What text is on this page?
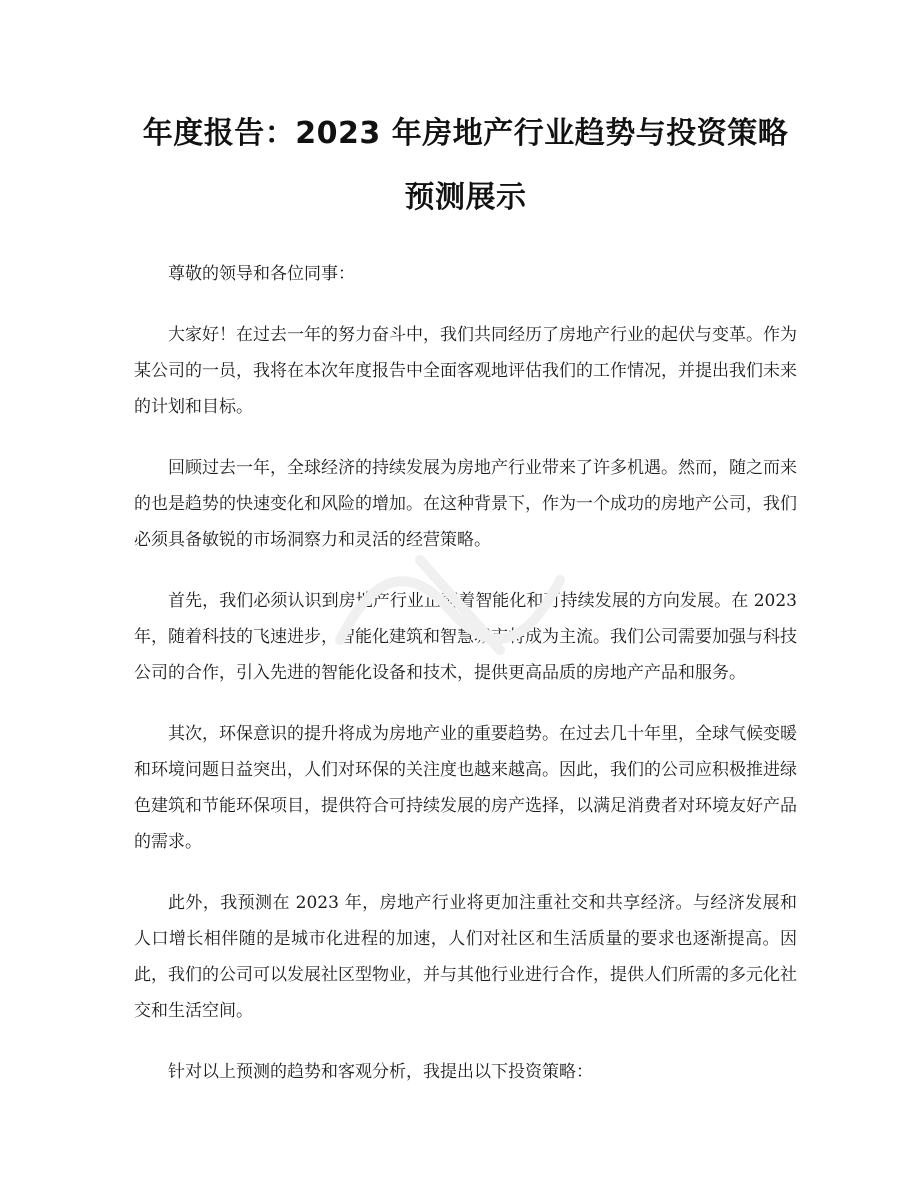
年度报告：2023 年房地产行业趋势与投资策略预测展示

尊敬的领导和各位同事：

大家好！在过去一年的努力奋斗中，我们共同经历了房地产行业的起伏与变革。作为某公司的一员，我将在本次年度报告中全面客观地评估我们的工作情况，并提出我们未来的计划和目标。

回顾过去一年，全球经济的持续发展为房地产行业带来了许多机遇。然而，随之而来的也是趋势的快速变化和风险的增加。在这种背景下，作为一个成功的房地产公司，我们必须具备敏锐的市场洞察力和灵活的经营策略。

首先，我们必须认识到房地产行业正朝着智能化和可持续发展的方向发展。在 2023 年，随着科技的飞速进步，智能化建筑和智慧城市将成为主流。我们公司需要加强与科技公司的合作，引入先进的智能化设备和技术，提供更高品质的房地产产品和服务。

其次，环保意识的提升将成为房地产业的重要趋势。在过去几十年里，全球气候变暖和环境问题日益突出，人们对环保的关注度也越来越高。因此，我们的公司应积极推进绿色建筑和节能环保项目，提供符合可持续发展的房产选择，以满足消费者对环境友好产品的需求。

此外，我预测在 2023 年，房地产行业将更加注重社交和共享经济。与经济发展和人口增长相伴随的是城市化进程的加速，人们对社区和生活质量的要求也逐渐提高。因此，我们的公司可以发展社区型物业，并与其他行业进行合作，提供人们所需的多元化社交和生活空间。

针对以上预测的趋势和客观分析，我提出以下投资策略：
